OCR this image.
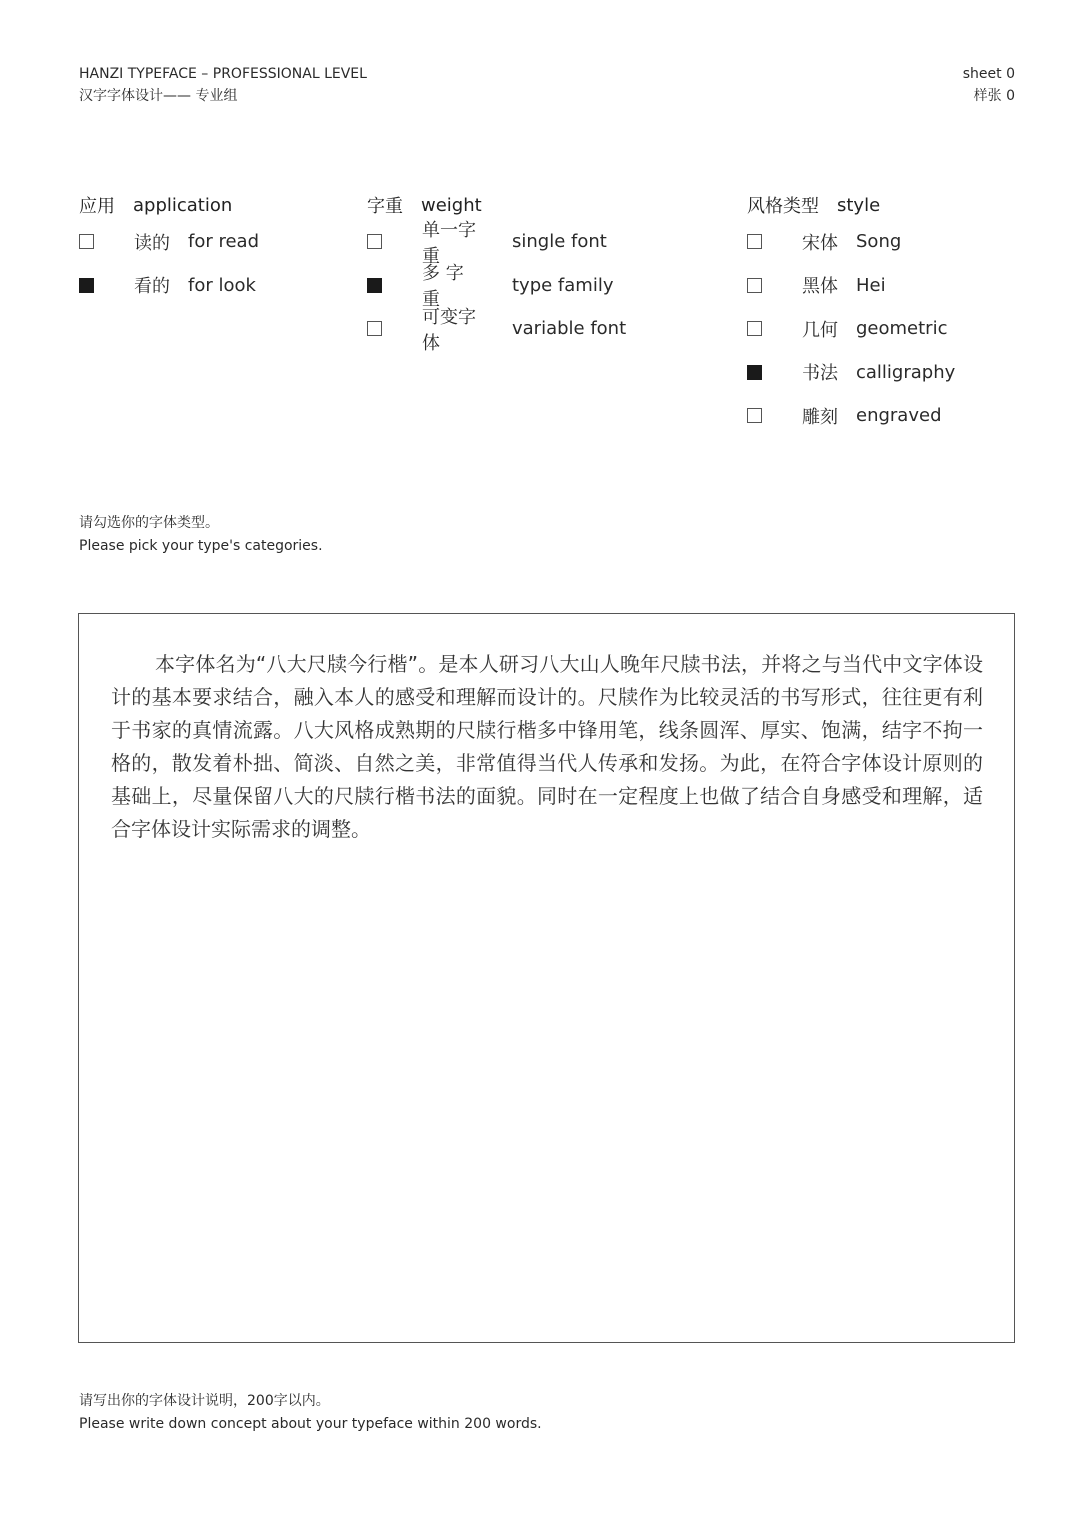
HANZI TYPEFACE – PROFESSIONAL LEVEL
汉字字体设计—— 专业组
sheet 0
样张 0
应用 application
读的 for read
看的 for look
字重 weight
单一字重
single font
多 字 重
type family
可变字体
variable font
风格类型 style
宋体 Song
黑体 Hei
几何 geometric
书法 calligraphy
雕刻 engraved
请勾选你的字体类型。
Please pick your type's categories.

本字体名为“八大尺牍今行楷”。是本人研习八大山人晚年尺牍书法，并将之与当代中文字体设计的基本要求结合，融入本人的感受和理解而设计的。尺牍作为比较灵活的书写形式，往往更有利于书家的真情流露。八大风格成熟期的尺牍行楷多中锋用笔，线条圆浑、厚实、饱满，结字不拘一格的，散发着朴拙、简淡、自然之美，非常值得当代人传承和发扬。为此，在符合字体设计原则的基础上，尽量保留八大的尺牍行楷书法的面貌。同时在一定程度上也做了结合自身感受和理解，适合字体设计实际需求的调整。

请写出你的字体设计说明，200字以内。
Please write down concept about your typeface within 200 words.
